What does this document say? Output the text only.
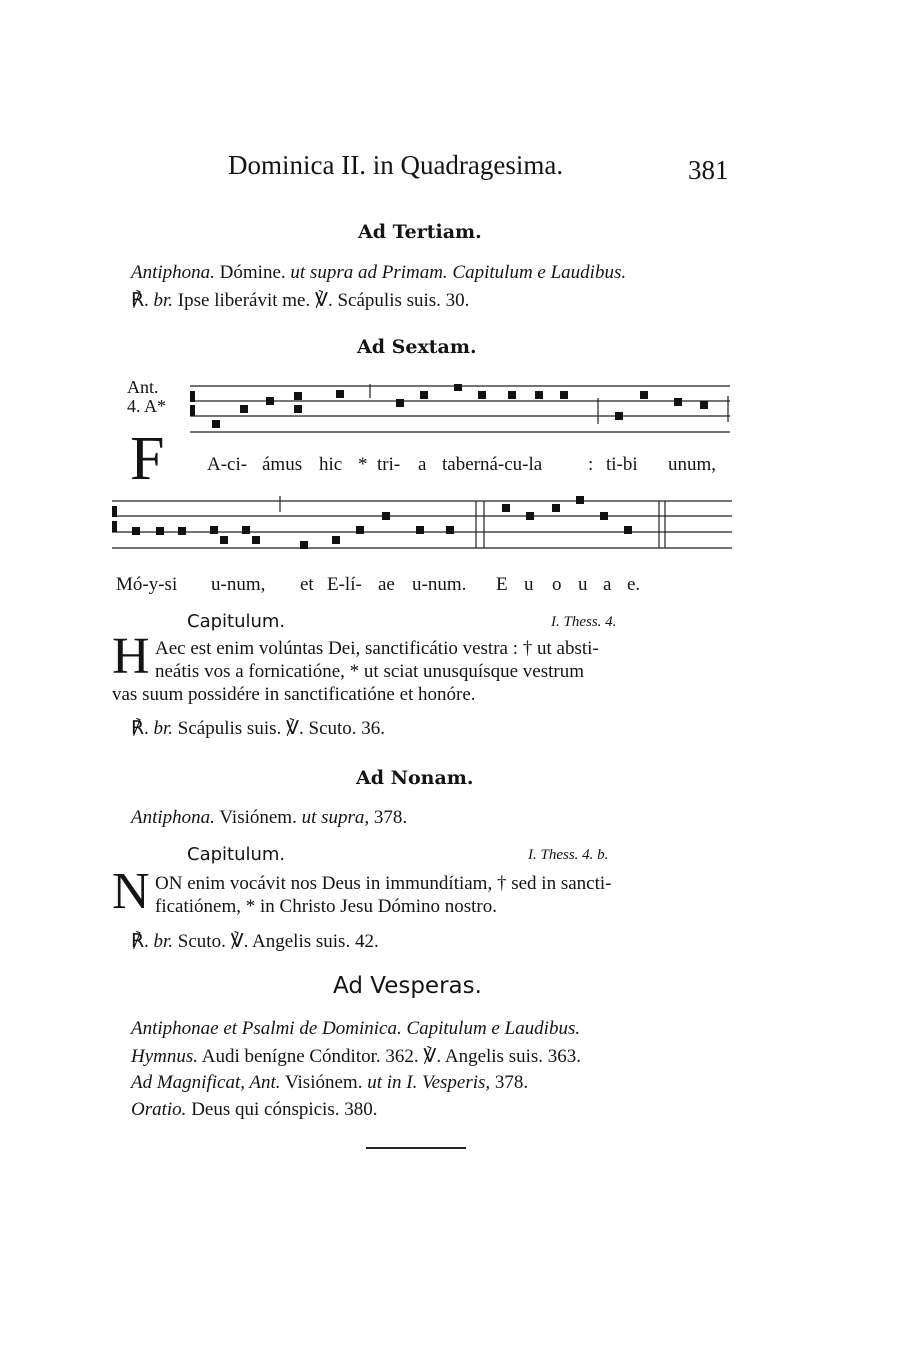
Dominica II. in Quadragesima.	381
Ad Tertiam.
Antiphona. Dómine. ut supra ad Primam. Capitulum e Laudibus.
℟. br. Ipse liberávit me. ℣. Scápulis suis. 30.
Ad Sextam.
Ant.
4. A*
F A-ci- ámus hic * tri- a taberná-cu-la : ti-bi unum,
Mó-y-si u-num, et E-lí- ae u-num. E u o u a e.
Capitulum.	I. Thess. 4.
H Aec est enim volúntas Dei, sanctificátio vestra : † ut absti-
neátis vos a fornicatióne, * ut sciat unusquísque vestrum
vas suum possidére in sanctificatióne et honóre.
℟. br. Scápulis suis. ℣. Scuto. 36.
Ad Nonam.
Antiphona. Visiónem. ut supra, 378.
Capitulum.	I. Thess. 4. b.
N ON enim vocávit nos Deus in immundítiam, † sed in sancti-
ficatiónem, * in Christo Jesu Dómino nostro.
℟. br. Scuto. ℣. Angelis suis. 42.
Ad Vesperas.
Antiphonae et Psalmi de Dominica. Capitulum e Laudibus.
Hymnus. Audi benígne Cónditor. 362. ℣. Angelis suis. 363.
Ad Magnificat, Ant. Visiónem. ut in I. Vesperis, 378.
Oratio. Deus qui cónspicis. 380.
